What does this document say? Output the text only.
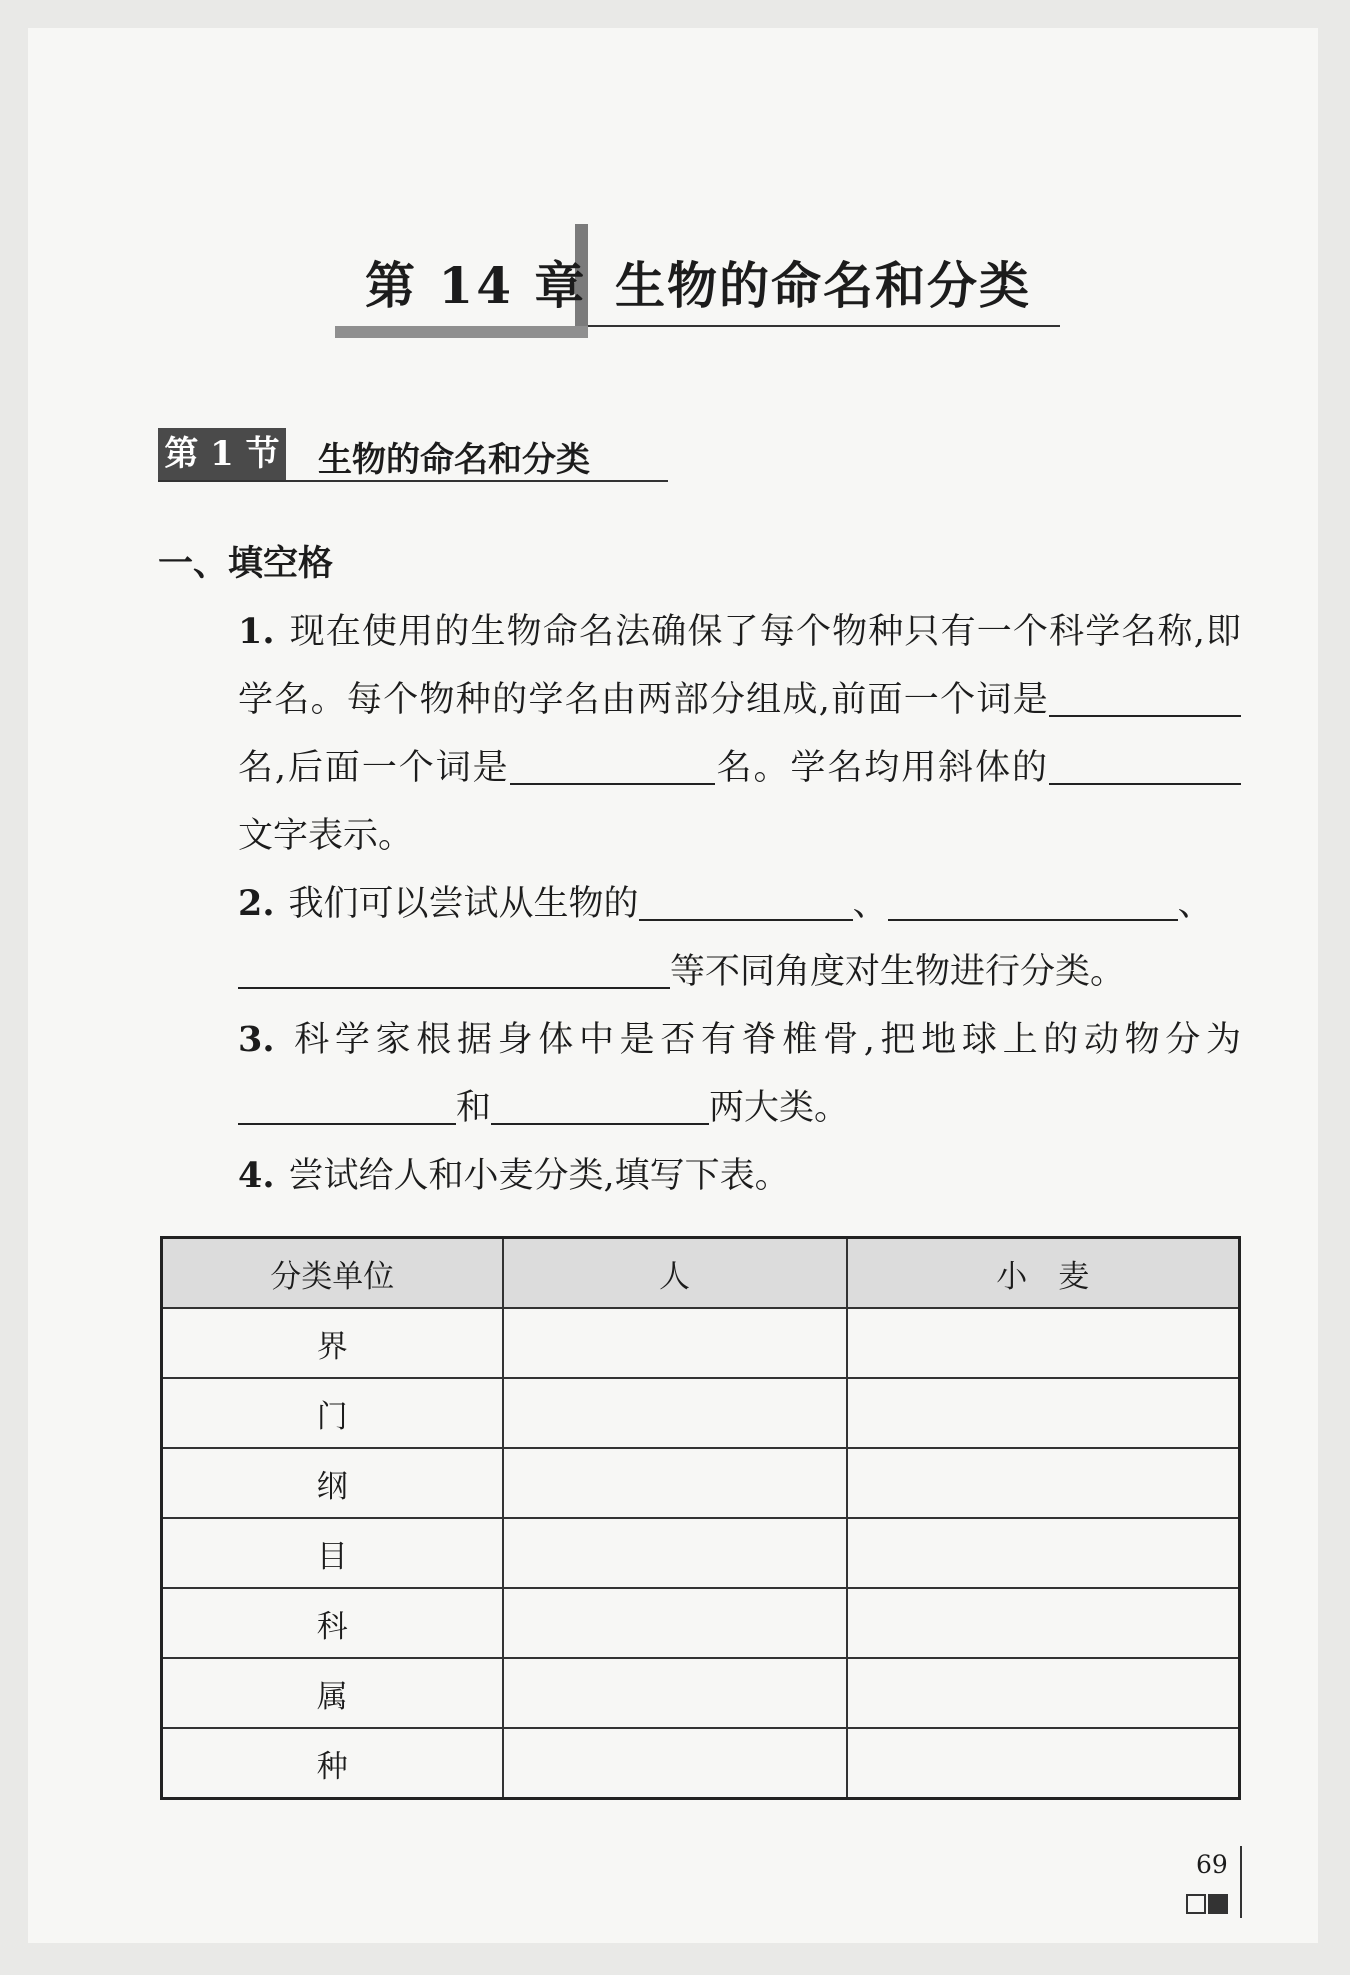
第 14 章 生物的命名和分类
第 1 节 生物的命名和分类
一、填空格

1. 现在使用的生物命名法确保了每个物种只有一个科学名称,即学名。每个物种的学名由两部分组成,前面一个词是名,后面一个词是	名。学名均用斜体的文字表示。

2. 我们可以尝试从生物的	、	、
等不同角度对生物进行分类。

3. 科学家根据身体中是否有脊椎骨,把地球上的动物分为和	两大类。

4. 尝试给人和小麦分类,填写下表。

分类单位	人	小　麦
界		
门		
纲		
目		
科		
属		
种		
69
